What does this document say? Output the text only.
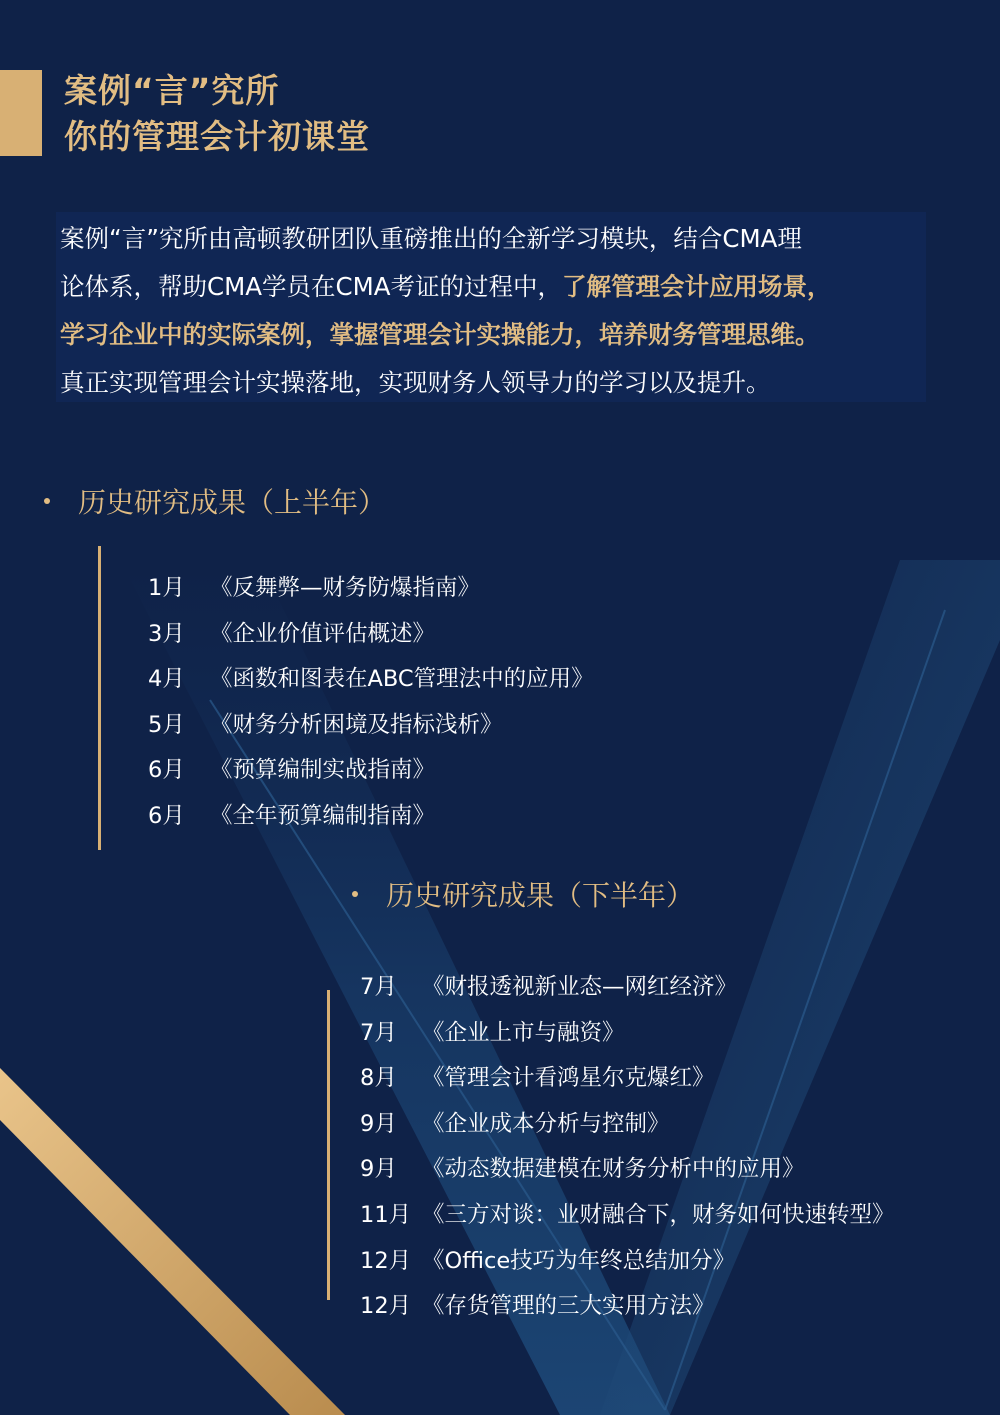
案例“言”究所
你的管理会计初课堂

案例“言”究所由高顿教研团队重磅推出的全新学习模块，结合CMA理

论体系，帮助CMA学员在CMA考证的过程中，了解管理会计应用场景，

学习企业中的实际案例，掌握管理会计实操能力，培养财务管理思维。

真正实现管理会计实操落地，实现财务人领导力的学习以及提升。

历史研究成果（上半年）
1月 《反舞弊—财务防爆指南》
3月 《企业价值评估概述》
4月 《函数和图表在ABC管理法中的应用》
5月 《财务分析困境及指标浅析》
6月 《预算编制实战指南》
6月 《全年预算编制指南》
历史研究成果（下半年）
7月 《财报透视新业态—网红经济》
7月 《企业上市与融资》
8月 《管理会计看鸿星尔克爆红》
9月 《企业成本分析与控制》
9月 《动态数据建模在财务分析中的应用》
11月 《三方对谈：业财融合下，财务如何快速转型》
12月 《Office技巧为年终总结加分》
12月 《存货管理的三大实用方法》
